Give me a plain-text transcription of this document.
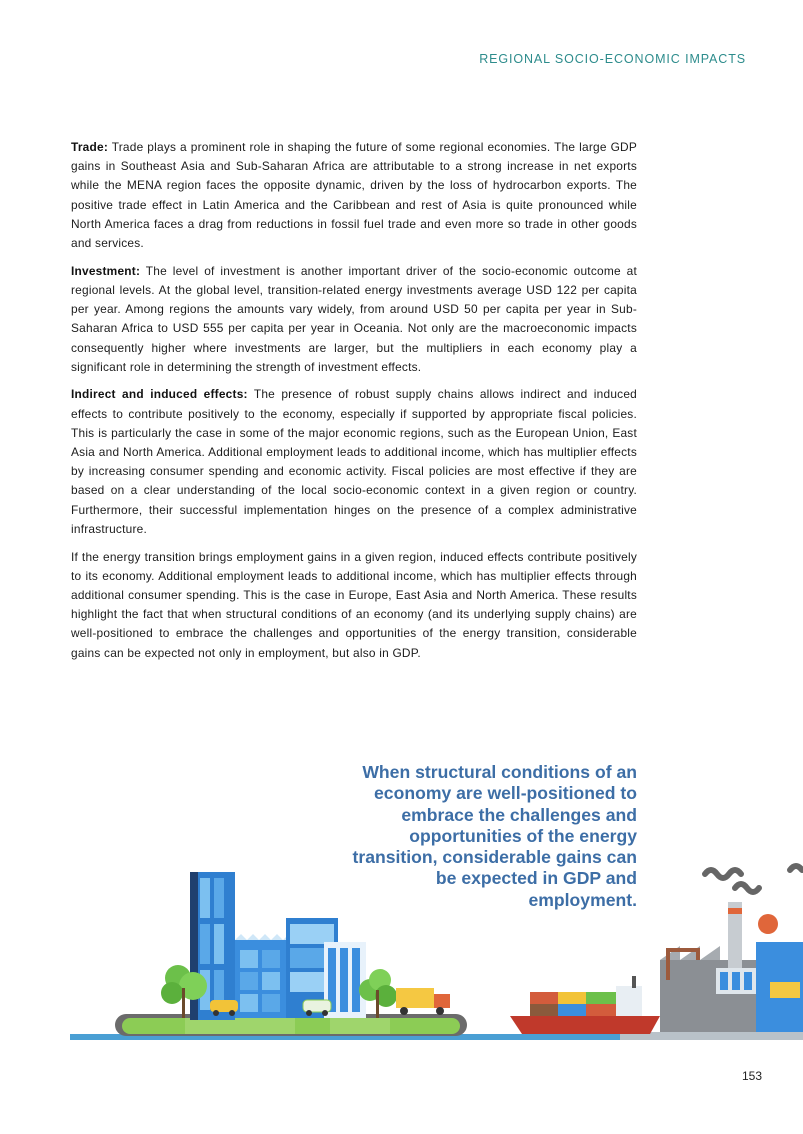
REGIONAL SOCIO-ECONOMIC IMPACTS

Trade: Trade plays a prominent role in shaping the future of some regional economies. The large GDP gains in Southeast Asia and Sub-Saharan Africa are attributable to a strong increase in net exports while the MENA region faces the opposite dynamic, driven by the loss of hydrocarbon exports. The positive trade effect in Latin America and the Caribbean and rest of Asia is quite pronounced while North America faces a drag from reductions in fossil fuel trade and even more so trade in other goods and services.

Investment: The level of investment is another important driver of the socio-economic outcome at regional levels. At the global level, transition-related energy investments average USD 122 per capita per year. Among regions the amounts vary widely, from around USD 50 per capita per year in Sub-Saharan Africa to USD 555 per capita per year in Oceania. Not only are the macroeconomic impacts consequently higher where investments are larger, but the multipliers in each economy play a significant role in determining the strength of investment effects.

Indirect and induced effects: The presence of robust supply chains allows indirect and induced effects to contribute positively to the economy, especially if supported by appropriate fiscal policies. This is particularly the case in some of the major economic regions, such as the European Union, East Asia and North America. Additional employment leads to additional income, which has multiplier effects by increasing consumer spending and economic activity. Fiscal policies are most effective if they are based on a clear understanding of the local socio-economic context in a given region or country. Furthermore, their successful implementation hinges on the presence of a complex administrative infrastructure.

If the energy transition brings employment gains in a given region, induced effects contribute positively to its economy. Additional employment leads to additional income, which has multiplier effects through additional consumer spending. This is the case in Europe, East Asia and North America. These results highlight the fact that when structural conditions of an economy (and its underlying supply chains) are well-positioned to embrace the challenges and opportunities of the energy transition, considerable gains can be expected not only in employment, but also in GDP.

When structural conditions of an economy are well-positioned to embrace the challenges and opportunities of the energy transition, considerable gains can be expected in GDP and employment.
153
